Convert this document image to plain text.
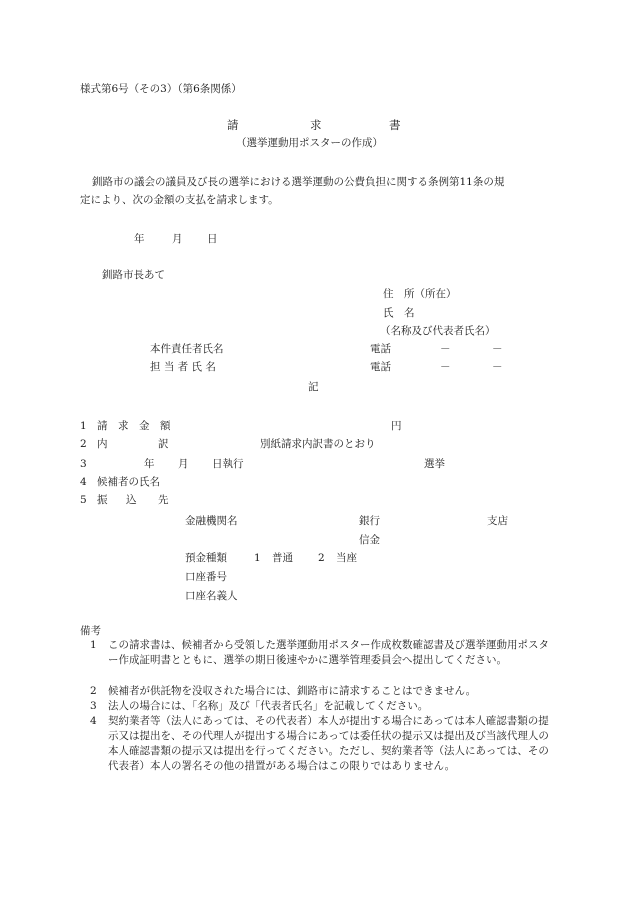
様式第6号（その3）（第6条関係）
請	求	書
（選挙運動用ポスターの作成）
釧路市の議会の議員及び長の選挙における選挙運動の公費負担に関する条例第11条の規
定により、次の金額の支払を請求します。
年	月 日
釧路市長あて
住　所（所在）
氏　名
（名称及び代表者氏名）
本件責任者氏名	電話	－	－
担 当 者 氏 名	電話	－	－
記
1 請　求　金　額	円
2 内	訳	別紙請求内訳書のとおり
3	年 月 日執行	選挙
4 候補者の氏名
5 振 込 先
金融機関名	銀行	支店
信金
預金種類	1 普通 2 当座
口座番号
口座名義人
備考
1 この請求書は、候補者から受領した選挙運動用ポスター作成枚数確認書及び選挙運動用ポスター作成証明書とともに、選挙の期日後速やかに選挙管理委員会へ提出してください。
2 候補者が供託物を没収された場合には、釧路市に請求することはできません。
3 法人の場合には、「名称」及び「代表者氏名」を記載してください。
4 契約業者等（法人にあっては、その代表者）本人が提出する場合にあっては本人確認書類の提示又は提出を、その代理人が提出する場合にあっては委任状の提示又は提出及び当該代理人の本人確認書類の提示又は提出を行ってください。ただし、契約業者等（法人にあっては、その代表者）本人の署名その他の措置がある場合はこの限りではありません。
